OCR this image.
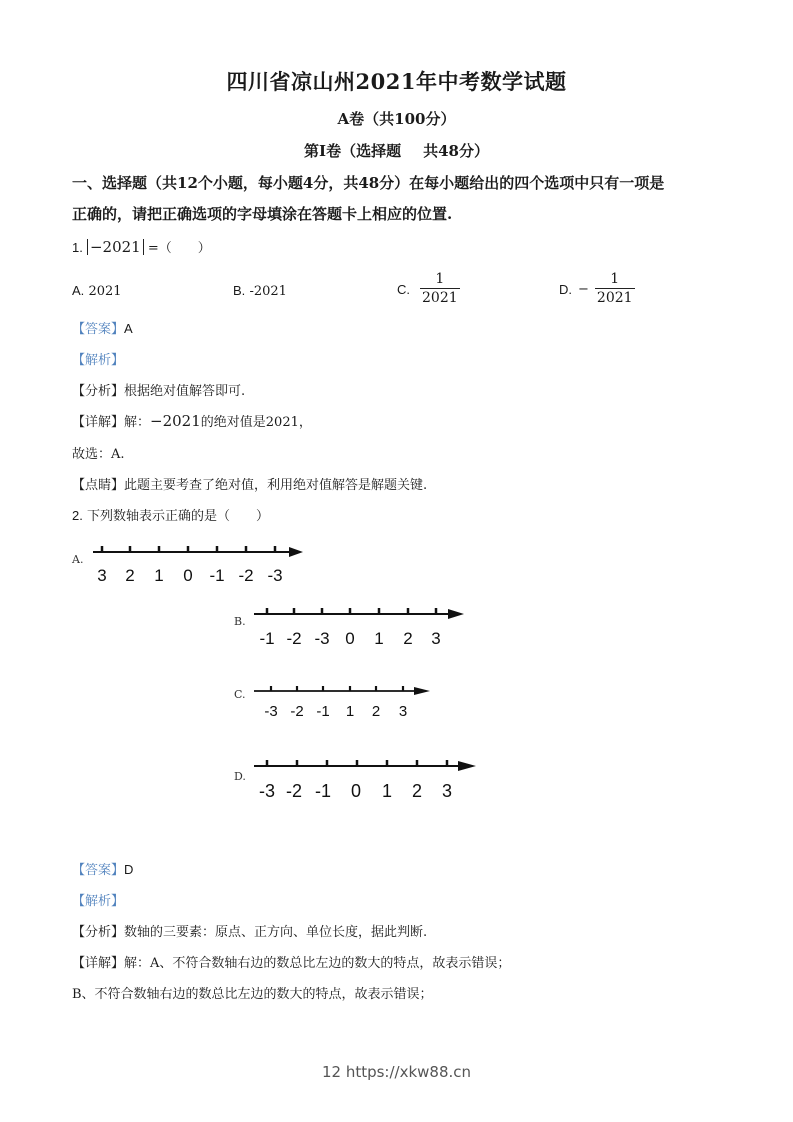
四川省凉山州2021年中考数学试题
A卷（共100分）
第I卷（选择题 共48分）
一、选择题（共12个小题，每小题4分，共48分）在每小题给出的四个选项中只有一项是
正确的，请把正确选项的字母填涂在答题卡上相应的位置.
1. −2021 =（　　）
A. 2021	B. -2021	C. $\frac{1}{2021}$	D. − $\frac{1}{2021}$
【答案】A
【解析】
【分析】根据绝对值解答即可.
【详解】解：−2021的绝对值是2021，
故选：A.
【点睛】此题主要考查了绝对值，利用绝对值解答是解题关键.
2. 下列数轴表示正确的是（　　）
A.
3 2 1 0 -1 -2 -3
B.
-1 -2 -3 0 1 2 3
C.
-3 -2 -1 1 2 3
D.
-3 -2 -1 0 1 2 3
【答案】D
【解析】
【分析】数轴的三要素：原点、正方向、单位长度，据此判断.
【详解】解：A、不符合数轴右边的数总比左边的数大的特点，故表示错误；
B、不符合数轴右边的数总比左边的数大的特点，故表示错误；
12 https://xkw88.cn
